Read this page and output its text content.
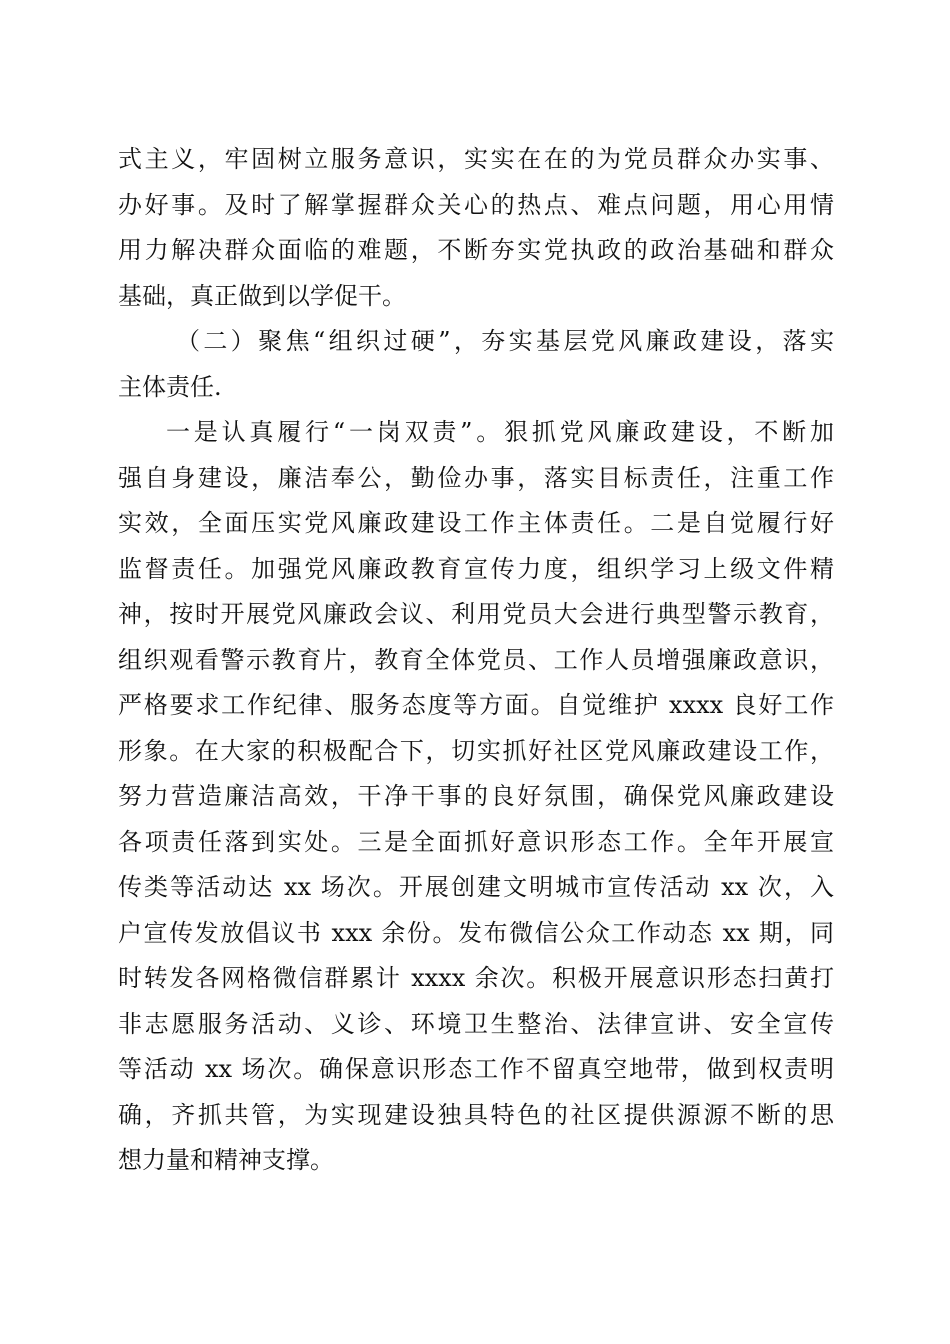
式主义，牢固树立服务意识，实实在在的为党员群众办实事、
办好事。及时了解掌握群众关心的热点、难点问题，用心用情
用力解决群众面临的难题，不断夯实党执政的政治基础和群众
基础，真正做到以学促干。
（二）聚焦“组织过硬”，夯实基层党风廉政建设，落实
主体责任.
一是认真履行“一岗双责”。狠抓党风廉政建设，不断加
强自身建设，廉洁奉公，勤俭办事，落实目标责任，注重工作
实效，全面压实党风廉政建设工作主体责任。二是自觉履行好
监督责任。加强党风廉政教育宣传力度，组织学习上级文件精
神，按时开展党风廉政会议、利用党员大会进行典型警示教育，
组织观看警示教育片，教育全体党员、工作人员增强廉政意识，
严格要求工作纪律、服务态度等方面。自觉维护 xxxx 良好工作
形象。在大家的积极配合下，切实抓好社区党风廉政建设工作，
努力营造廉洁高效，干净干事的良好氛围，确保党风廉政建设
各项责任落到实处。三是全面抓好意识形态工作。全年开展宣
传类等活动达 xx 场次。开展创建文明城市宣传活动 xx 次，入
户宣传发放倡议书 xxx 余份。发布微信公众工作动态 xx 期，同
时转发各网格微信群累计 xxxx 余次。积极开展意识形态扫黄打
非志愿服务活动、义诊、环境卫生整治、法律宣讲、安全宣传
等活动 xx 场次。确保意识形态工作不留真空地带，做到权责明
确，齐抓共管，为实现建设独具特色的社区提供源源不断的思
想力量和精神支撑。
